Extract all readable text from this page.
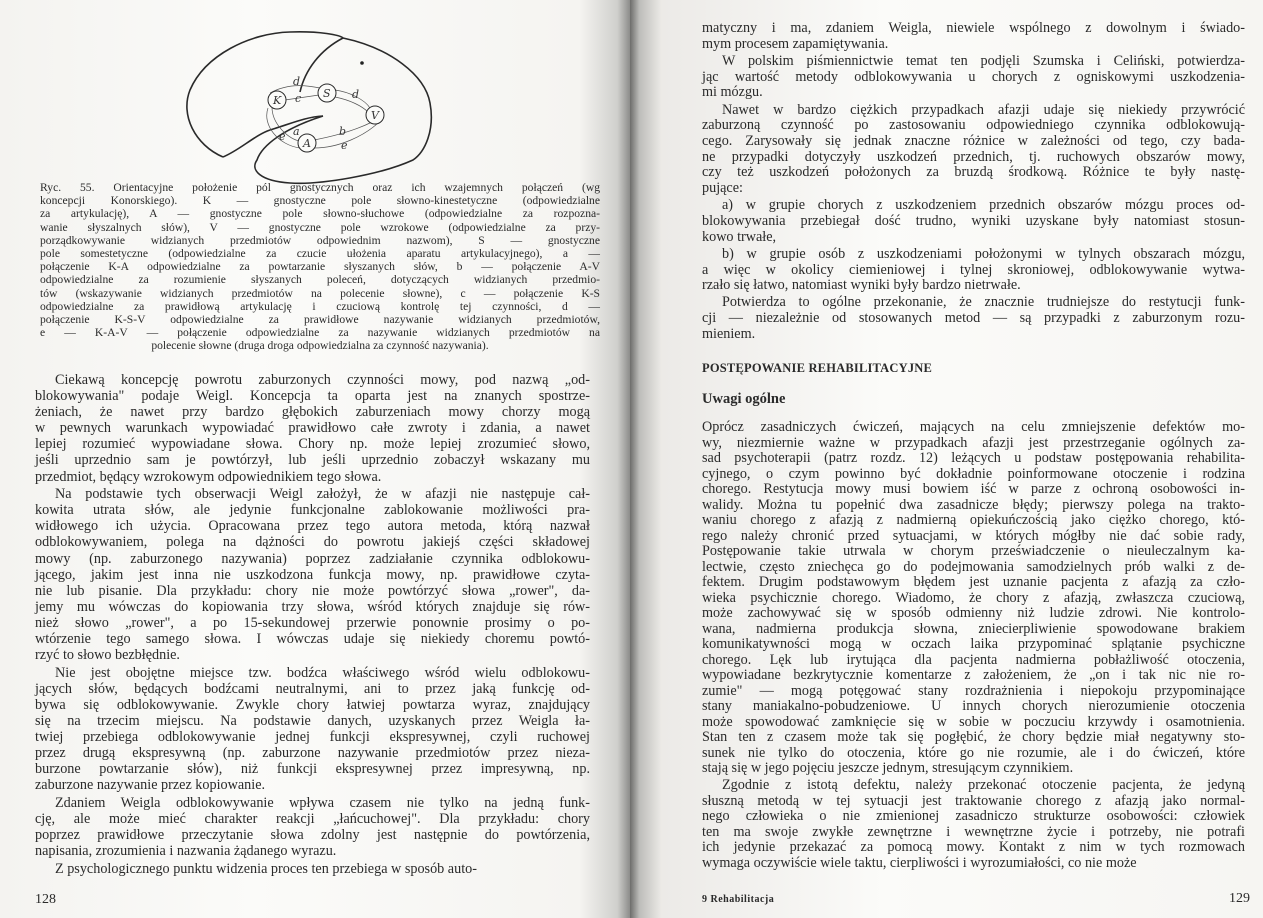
K
S
V
A
d
c	d
a
e	b
e
Ryc. 55. Orientacyjne położenie pól gnostycznych oraz ich wzajemnych połączeń (wg
koncepcji Konorskiego). K — gnostyczne pole słowno-kinestetyczne (odpowiedzialne
za artykulację), A — gnostyczne pole słowno-słuchowe (odpowiedzialne za rozpozna-
wanie słyszalnych słów), V — gnostyczne pole wzrokowe (odpowiedzialne za przy-
porządkowywanie widzianych przedmiotów odpowiednim nazwom), S — gnostyczne
pole somestetyczne (odpowiedzialne za czucie ułożenia aparatu artykulacyjnego), a —
połączenie K-A odpowiedzialne za powtarzanie słyszanych słów, b — połączenie A-V
odpowiedzialne za rozumienie słyszanych poleceń, dotyczących widzianych przedmio-
tów (wskazywanie widzianych przedmiotów na polecenie słowne), c — połączenie K-S
odpowiedzialne za prawidłową artykulację i czuciową kontrolę tej czynności, d —
połączenie K-S-V odpowiedzialne za prawidłowe nazywanie widzianych przedmiotów,
e — K-A-V — połączenie odpowiedzialne za nazywanie widzianych przedmiotów na
polecenie słowne (druga droga odpowiedzialna za czynność nazywania).
Ciekawą koncepcję powrotu zaburzonych czynności mowy, pod nazwą „od-
blokowywania" podaje Weigl. Koncepcja ta oparta jest na znanych spostrze-
żeniach, że nawet przy bardzo głębokich zaburzeniach mowy chorzy mogą
w pewnych warunkach wypowiadać prawidłowo całe zwroty i zdania, a nawet
lepiej rozumieć wypowiadane słowa. Chory np. może lepiej zrozumieć słowo,
jeśli uprzednio sam je powtórzył, lub jeśli uprzednio zobaczył wskazany mu
przedmiot, będący wzrokowym odpowiednikiem tego słowa.
Na podstawie tych obserwacji Weigl założył, że w afazji nie następuje cał-
kowita utrata słów, ale jedynie funkcjonalne zablokowanie możliwości pra-
widłowego ich użycia. Opracowana przez tego autora metoda, którą nazwał
odblokowywaniem, polega na dążności do powrotu jakiejś części składowej
mowy (np. zaburzonego nazywania) poprzez zadziałanie czynnika odblokowu-
jącego, jakim jest inna nie uszkodzona funkcja mowy, np. prawidłowe czyta-
nie lub pisanie. Dla przykładu: chory nie może powtórzyć słowa „rower", da-
jemy mu wówczas do kopiowania trzy słowa, wśród których znajduje się rów-
nież słowo „rower", a po 15-sekundowej przerwie ponownie prosimy o po-
wtórzenie tego samego słowa. I wówczas udaje się niekiedy choremu powtó-
rzyć to słowo bezbłędnie.
Nie jest obojętne miejsce tzw. bodźca właściwego wśród wielu odblokowu-
jących słów, będących bodźcami neutralnymi, ani to przez jaką funkcję od-
bywa się odblokowywanie. Zwykle chory łatwiej powtarza wyraz, znajdujący
się na trzecim miejscu. Na podstawie danych, uzyskanych przez Weigla ła-
twiej przebiega odblokowywanie jednej funkcji ekspresywnej, czyli ruchowej
przez drugą ekspresywną (np. zaburzone nazywanie przedmiotów przez nieza-
burzone powtarzanie słów), niż funkcji ekspresywnej przez impresywną, np.
zaburzone nazywanie przez kopiowanie.
Zdaniem Weigla odblokowywanie wpływa czasem nie tylko na jedną funk-
cję, ale może mieć charakter reakcji „łańcuchowej". Dla przykładu: chory
poprzez prawidłowe przeczytanie słowa zdolny jest następnie do powtórzenia,
napisania, zrozumienia i nazwania żądanego wyrazu.
Z psychologicznego punktu widzenia proces ten przebiega w sposób auto-
128
matyczny i ma, zdaniem Weigla, niewiele wspólnego z dowolnym i świado-
mym procesem zapamiętywania.
W polskim piśmiennictwie temat ten podjęli Szumska i Celiński, potwierdza-
jąc wartość metody odblokowywania u chorych z ogniskowymi uszkodzenia-
mi mózgu.
Nawet w bardzo ciężkich przypadkach afazji udaje się niekiedy przywrócić
zaburzoną czynność po zastosowaniu odpowiedniego czynnika odblokowują-
cego. Zarysowały się jednak znaczne różnice w zależności od tego, czy bada-
ne przypadki dotyczyły uszkodzeń przednich, tj. ruchowych obszarów mowy,
czy też uszkodzeń położonych za bruzdą środkową. Różnice te były nastę-
pujące:
a) w grupie chorych z uszkodzeniem przednich obszarów mózgu proces od-
blokowywania przebiegał dość trudno, wyniki uzyskane były natomiast stosun-
kowo trwałe,
b) w grupie osób z uszkodzeniami położonymi w tylnych obszarach mózgu,
a więc w okolicy ciemieniowej i tylnej skroniowej, odblokowywanie wytwa-
rzało się łatwo, natomiast wyniki były bardzo nietrwałe.
Potwierdza to ogólne przekonanie, że znacznie trudniejsze do restytucji funk-
cji — niezależnie od stosowanych metod — są przypadki z zaburzonym rozu-
mieniem.
POSTĘPOWANIE REHABILITACYJNE
Uwagi ogólne
Oprócz zasadniczych ćwiczeń, mających na celu zmniejszenie defektów mo-
wy, niezmiernie ważne w przypadkach afazji jest przestrzeganie ogólnych za-
sad psychoterapii (patrz rozdz. 12) leżących u podstaw postępowania rehabilita-
cyjnego, o czym powinno być dokładnie poinformowane otoczenie i rodzina
chorego. Restytucja mowy musi bowiem iść w parze z ochroną osobowości in-
walidy. Można tu popełnić dwa zasadnicze błędy; pierwszy polega na trakto-
waniu chorego z afazją z nadmierną opiekuńczością jako ciężko chorego, któ-
rego należy chronić przed sytuacjami, w których mógłby nie dać sobie rady,
Postępowanie takie utrwala w chorym przeświadczenie o nieuleczalnym ka-
lectwie, często zniechęca go do podejmowania samodzielnych prób walki z de-
fektem. Drugim podstawowym błędem jest uznanie pacjenta z afazją za czło-
wieka psychicznie chorego. Wiadomo, że chory z afazją, zwłaszcza czuciową,
może zachowywać się w sposób odmienny niż ludzie zdrowi. Nie kontrolo-
wana, nadmierna produkcja słowna, zniecierpliwienie spowodowane brakiem
komunikatywności mogą w oczach laika przypominać splątanie psychiczne
chorego. Lęk lub irytująca dla pacjenta nadmierna pobłażliwość otoczenia,
wypowiadane bezkrytycznie komentarze z założeniem, że „on i tak nic nie ro-
zumie" — mogą potęgować stany rozdrażnienia i niepokoju przypominające
stany maniakalno-pobudzeniowe. U innych chorych nierozumienie otoczenia
może spowodować zamknięcie się w sobie w poczuciu krzywdy i osamotnienia.
Stan ten z czasem może tak się pogłębić, że chory będzie miał negatywny sto-
sunek nie tylko do otoczenia, które go nie rozumie, ale i do ćwiczeń, które
stają się w jego pojęciu jeszcze jednym, stresującym czynnikiem.
Zgodnie z istotą defektu, należy przekonać otoczenie pacjenta, że jedyną
słuszną metodą w tej sytuacji jest traktowanie chorego z afazją jako normal-
nego człowieka o nie zmienionej zasadniczo strukturze osobowości: człowiek
ten ma swoje zwykłe zewnętrzne i wewnętrzne życie i potrzeby, nie potrafi
ich jedynie przekazać za pomocą mowy. Kontakt z nim w tych rozmowach
wymaga oczywiście wiele taktu, cierpliwości i wyrozumiałości, co nie może
9 Rehabilitacja	129
